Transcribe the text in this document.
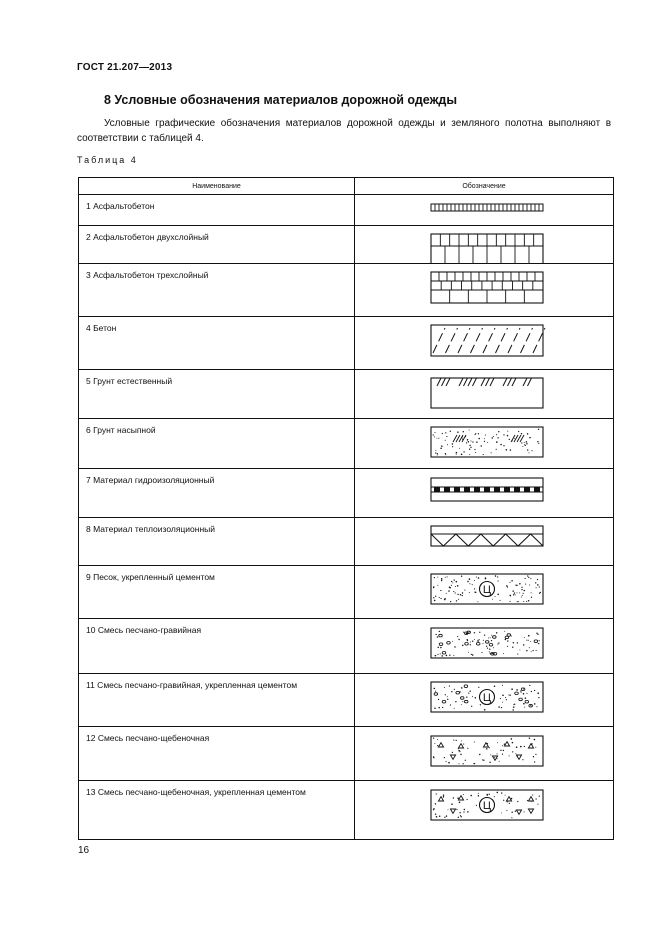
ГОСТ 21.207—2013
8 Условные обозначения материалов дорожной одежды

Условные графические обозначения материалов дорожной одежды и земляного полотна выполняют в соответствии с таблицей 4.

Таблица 4
Наименование	Обозначение
1 Асфальтобетон	

2 Асфальтобетон двухслойный	

3 Асфальтобетон трехслойный	

4 Бетон	

5 Грунт естественный	

6 Грунт насыпной	

7 Материал гидроизоляционный	

8 Материал теплоизоляционный	

9 Песок, укрепленный цементом	Ц

10 Смесь песчано-гравийная	

11 Смесь песчано-гравийная, укрепленная цементом	Ц

12 Смесь песчано-щебеночная	

13 Смесь песчано-щебеночная, укрепленная цементом	Ц
16
